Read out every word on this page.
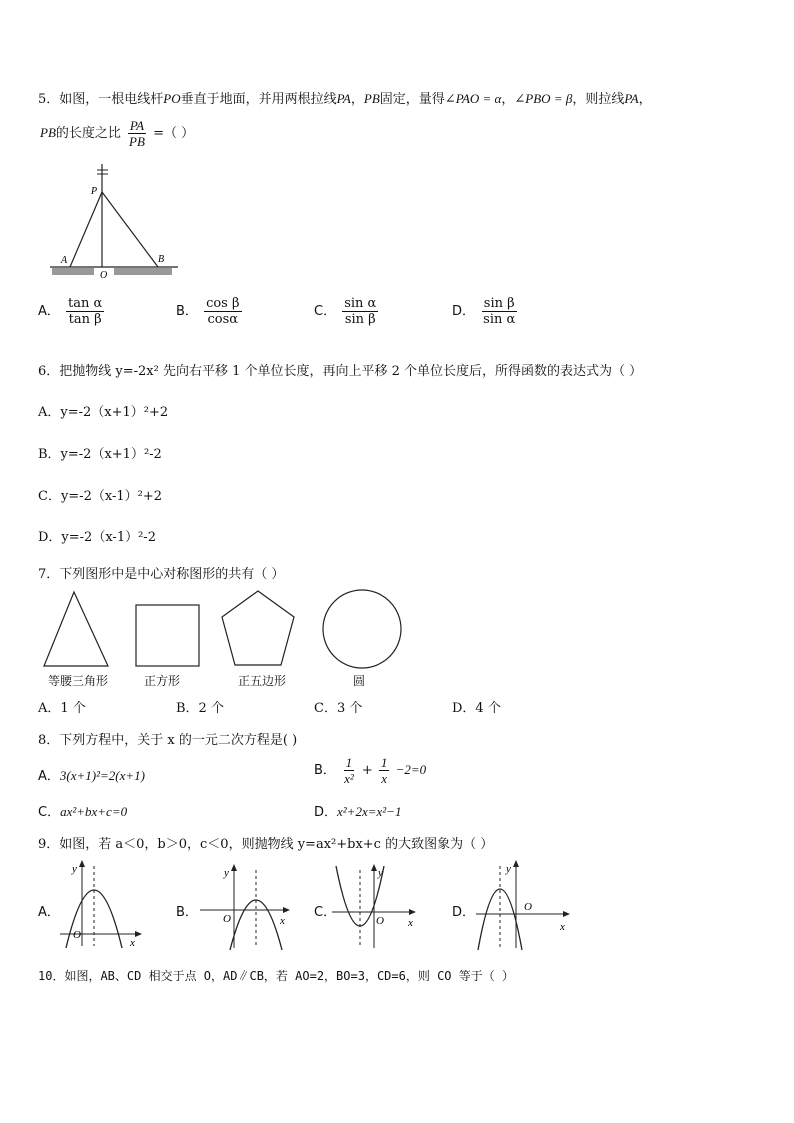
5．如图，一根电线杆PO垂直于地面，并用两根拉线PA，PB固定，量得∠PAO = α，∠PBO = β，则拉线PA，
PB的长度之比 $\frac{PA}{PB}$ =（ ）
P
A
O
B
A． $\frac{\text{tan α}}{\text{tan β}}$	B． $\frac{\text{cos β}}{\cos\alpha}$	C． $\frac{\text{sin α}}{\text{sin β}}$	D． $\frac{\text{sin β}}{\text{sin α}}$
6．把抛物线 y=-2x² 先向右平移 1 个单位长度，再向上平移 2 个单位长度后，所得函数的表达式为（ ）
A．y=-2（x+1）²+2
B．y=-2（x+1）²-2
C．y=-2（x-1）²+2
D．y=-2（x-1）²-2
7．下列图形中是中心对称图形的共有（ ）
等腰三角形	正方形	正五边形	圆
A．1 个	B．2 个	C．3 个	D．4 个
8．下列方程中，关于 x 的一元二次方程是( )
A．3(x+1)²=2(x+1)	B． $\frac{1}{\text{x²}} + \frac{1}{x} -2=0$
C．ax²+bx+c=0	D．x²+2x=x²−1
9．如图，若 a＜0，b＞0，c＜0，则抛物线 y=ax²+bx+c 的大致图象为（ ）
A．	B．	C．	D．
y
x
O
y
x
O
y
x
O
y
x
O
10．如图，AB、CD 相交于点 O，AD∥CB，若 AO=2，BO=3，CD=6，则 CO 等于（ ）
